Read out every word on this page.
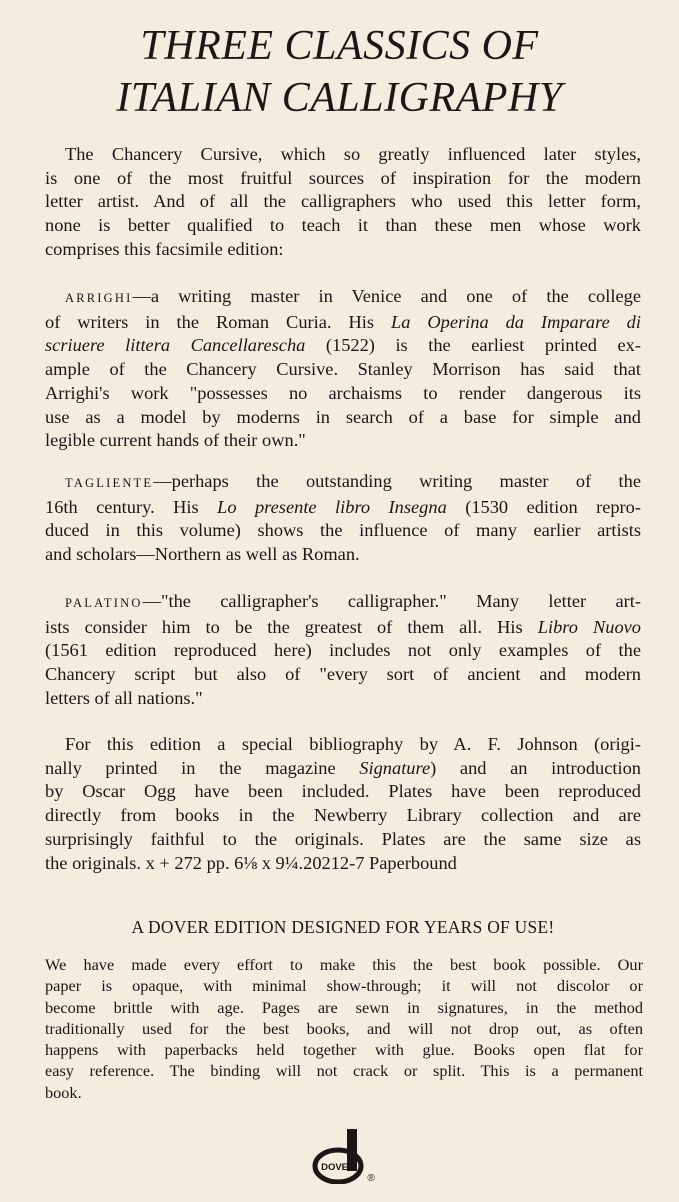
THREE CLASSICS OF
ITALIAN CALLIGRAPHY
The Chancery Cursive, which so greatly influenced later styles,
is one of the most fruitful sources of inspiration for the modern
letter artist. And of all the calligraphers who used this letter form,
none is better qualified to teach it than these men whose work
comprises this facsimile edition:
ARRIGHI—a writing master in Venice and one of the college
of writers in the Roman Curia. His La Operina da Imparare di
scriuere littera Cancellarescha (1522) is the earliest printed ex-
ample of the Chancery Cursive. Stanley Morrison has said that
Arrighi's work "possesses no archaisms to render dangerous its
use as a model by moderns in search of a base for simple and
legible current hands of their own."
TAGLIENTE—perhaps the outstanding writing master of the
16th century. His Lo presente libro Insegna (1530 edition repro-
duced in this volume) shows the influence of many earlier artists
and scholars—Northern as well as Roman.
PALATINO—"the calligrapher's calligrapher." Many letter art-
ists consider him to be the greatest of them all. His Libro Nuovo
(1561 edition reproduced here) includes not only examples of the
Chancery script but also of "every sort of ancient and modern
letters of all nations."
For this edition a special bibliography by A. F. Johnson (origi-
nally printed in the magazine Signature) and an introduction
by Oscar Ogg have been included. Plates have been reproduced
directly from books in the Newberry Library collection and are
surprisingly faithful to the originals. Plates are the same size as
the originals. x + 272 pp. 6⅛ x 9¼.20212-7 Paperbound
A DOVER EDITION DESIGNED FOR YEARS OF USE!
We have made every effort to make this the best book possible. Our
paper is opaque, with minimal show-through; it will not discolor or
become brittle with age. Pages are sewn in signatures, in the method
traditionally used for the best books, and will not drop out, as often
happens with paperbacks held together with glue. Books open flat for
easy reference. The binding will not crack or split. This is a permanent
book.
DOVER
®
